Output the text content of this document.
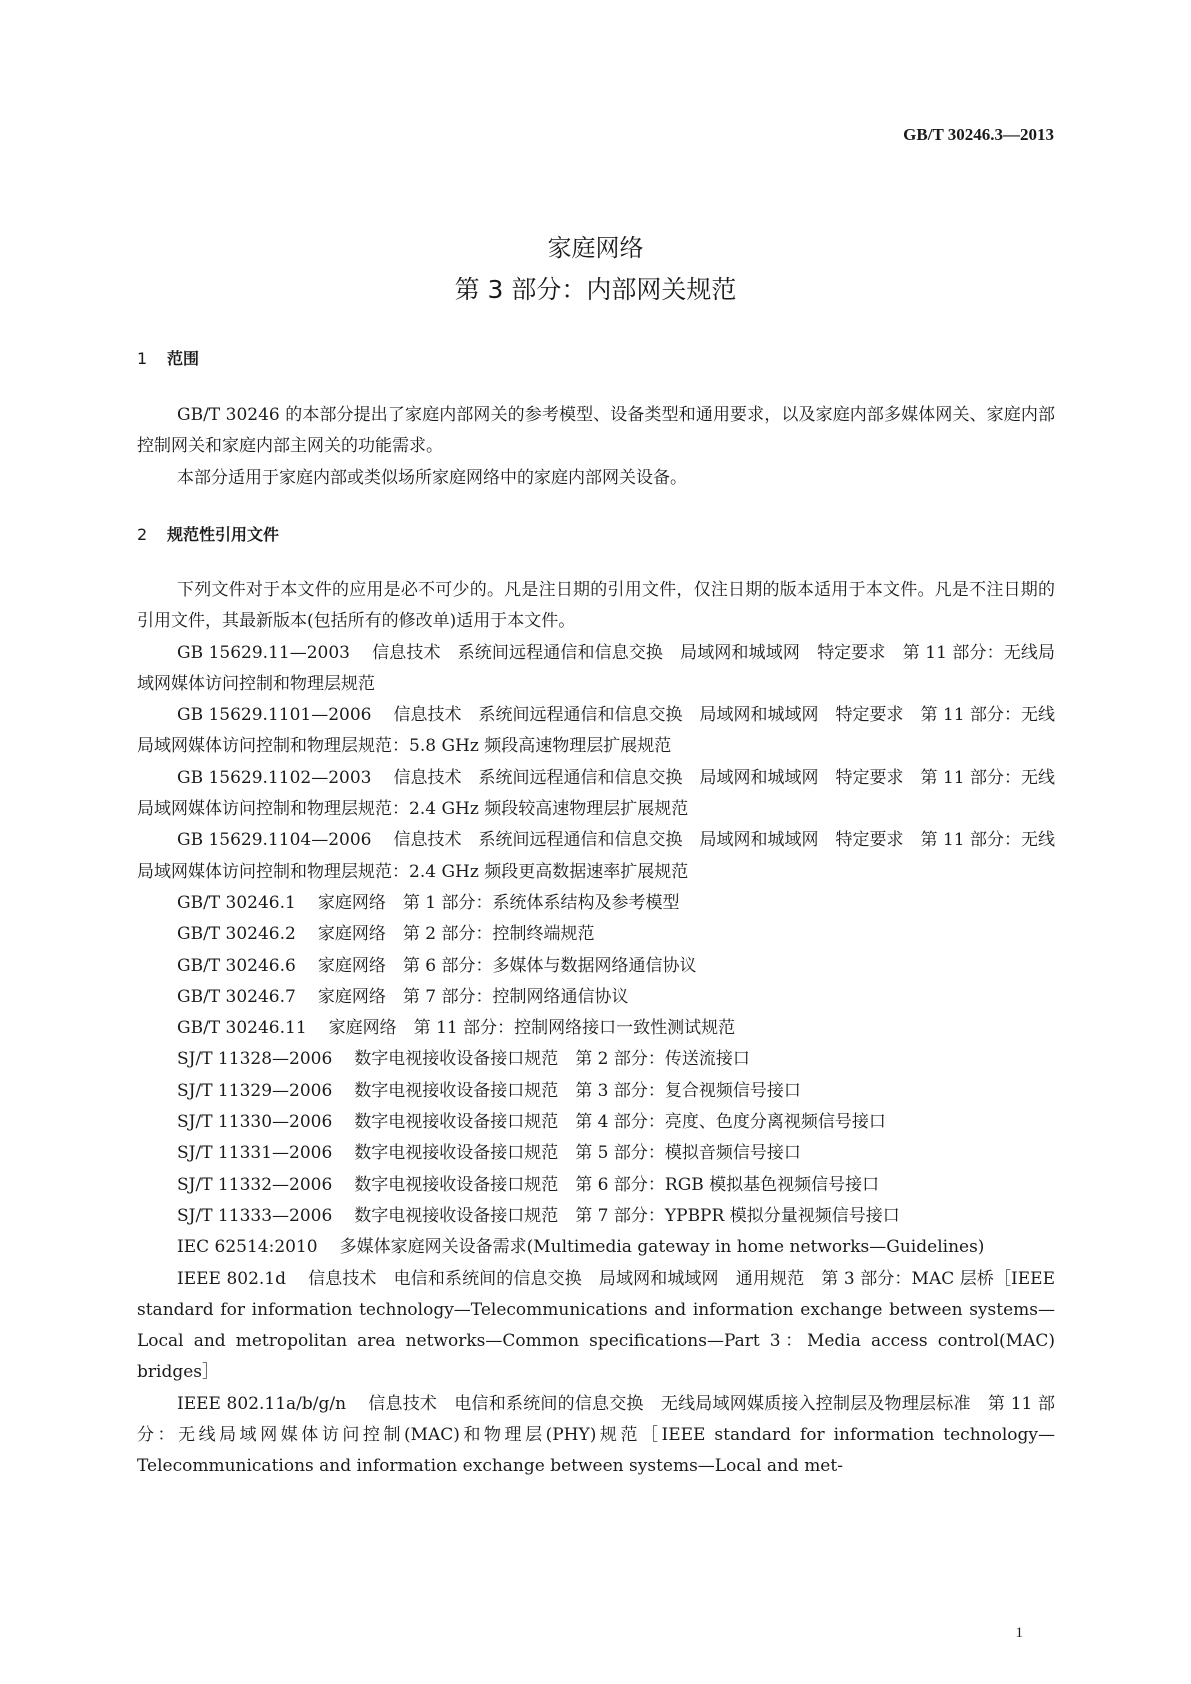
GB/T 30246.3—2013
家庭网络
第 3 部分：内部网关规范
1 范围

GB/T 30246 的本部分提出了家庭内部网关的参考模型、设备类型和通用要求，以及家庭内部多媒体网关、家庭内部控制网关和家庭内部主网关的功能需求。

本部分适用于家庭内部或类似场所家庭网络中的家庭内部网关设备。

2 规范性引用文件

下列文件对于本文件的应用是必不可少的。凡是注日期的引用文件，仅注日期的版本适用于本文件。凡是不注日期的引用文件，其最新版本(包括所有的修改单)适用于本文件。

GB 15629.11—2003 信息技术　系统间远程通信和信息交换　局域网和城域网　特定要求　第 11 部分：无线局域网媒体访问控制和物理层规范

GB 15629.1101—2006 信息技术　系统间远程通信和信息交换　局域网和城域网　特定要求　第 11 部分：无线局域网媒体访问控制和物理层规范：5.8 GHz 频段高速物理层扩展规范

GB 15629.1102—2003 信息技术　系统间远程通信和信息交换　局域网和城域网　特定要求　第 11 部分：无线局域网媒体访问控制和物理层规范：2.4 GHz 频段较高速物理层扩展规范

GB 15629.1104—2006 信息技术　系统间远程通信和信息交换　局域网和城域网　特定要求　第 11 部分：无线局域网媒体访问控制和物理层规范：2.4 GHz 频段更高数据速率扩展规范

GB/T 30246.1 家庭网络　第 1 部分：系统体系结构及参考模型

GB/T 30246.2 家庭网络　第 2 部分：控制终端规范

GB/T 30246.6 家庭网络　第 6 部分：多媒体与数据网络通信协议

GB/T 30246.7 家庭网络　第 7 部分：控制网络通信协议

GB/T 30246.11 家庭网络　第 11 部分：控制网络接口一致性测试规范

SJ/T 11328—2006 数字电视接收设备接口规范　第 2 部分：传送流接口

SJ/T 11329—2006 数字电视接收设备接口规范　第 3 部分：复合视频信号接口

SJ/T 11330—2006 数字电视接收设备接口规范　第 4 部分：亮度、色度分离视频信号接口

SJ/T 11331—2006 数字电视接收设备接口规范　第 5 部分：模拟音频信号接口

SJ/T 11332—2006 数字电视接收设备接口规范　第 6 部分：RGB 模拟基色视频信号接口

SJ/T 11333—2006 数字电视接收设备接口规范　第 7 部分：YPBPR 模拟分量视频信号接口

IEC 62514:2010 多媒体家庭网关设备需求(Multimedia gateway in home networks—Guidelines)

IEEE 802.1d 信息技术　电信和系统间的信息交换　局域网和城域网　通用规范　第 3 部分：MAC 层桥［IEEE standard for information technology—Telecommunications and information exchange between systems—Local and metropolitan area networks—Common specifications—Part 3：Media access control(MAC) bridges］

IEEE 802.11a/b/g/n 信息技术　电信和系统间的信息交换　无线局域网媒质接入控制层及物理层标准　第 11 部分：无线局域网媒体访问控制(MAC)和物理层(PHY)规范［IEEE standard for information technology—Telecommunications and information exchange between systems—Local and met-

1
